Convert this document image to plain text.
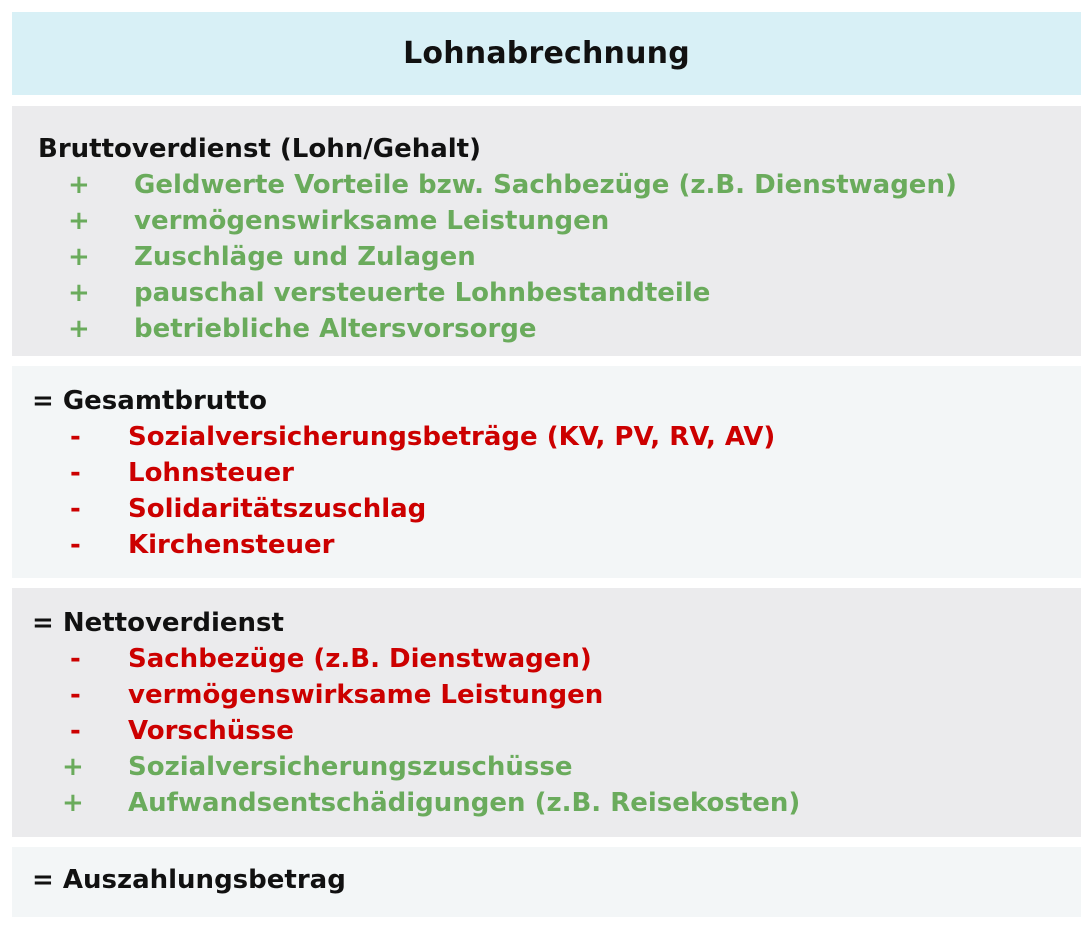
Lohnabrechnung
Bruttoverdienst (Lohn/Gehalt)
+ Geldwerte Vorteile bzw. Sachbezüge (z.B. Dienstwagen)
+ vermögenswirksame Leistungen
+ Zuschläge und Zulagen
+ pauschal versteuerte Lohnbestandteile
+ betriebliche Altersvorsorge
= Gesamtbrutto
- Sozialversicherungsbeträge (KV, PV, RV, AV)
- Lohnsteuer
- Solidaritätszuschlag
- Kirchensteuer
= Nettoverdienst
- Sachbezüge (z.B. Dienstwagen)
- vermögenswirksame Leistungen
- Vorschüsse
+ Sozialversicherungszuschüsse
+ Aufwandsentschädigungen (z.B. Reisekosten)
= Auszahlungsbetrag
